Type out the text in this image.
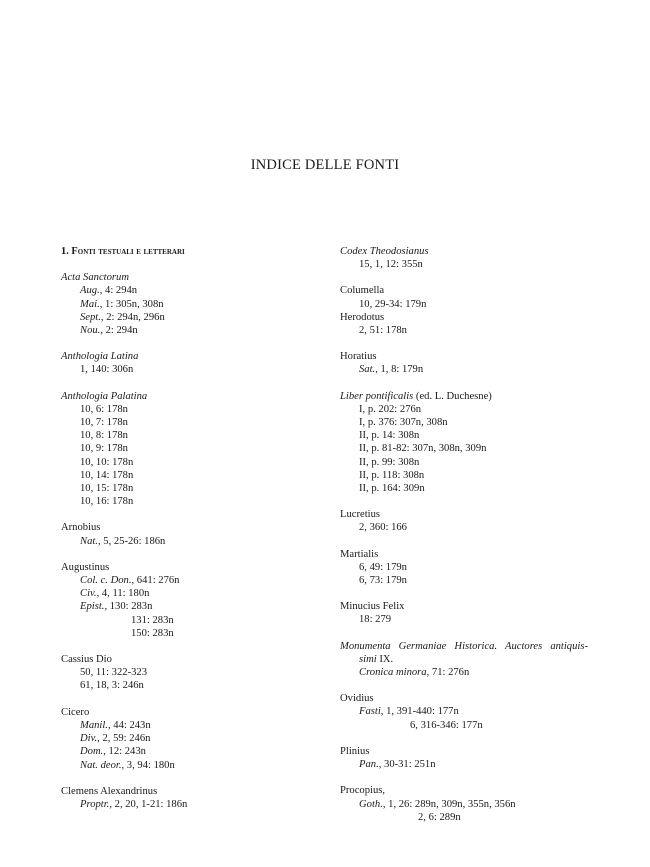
INDICE DELLE FONTI
1. Fonti testuali e letterari
Acta Sanctorum
Aug., 4: 294n
Mai., 1: 305n, 308n
Sept., 2: 294n, 296n
Nou., 2: 294n
Anthologia Latina
1, 140: 306n
Anthologia Palatina
10, 6: 178n
10, 7: 178n
10, 8: 178n
10, 9: 178n
10, 10: 178n
10, 14: 178n
10, 15: 178n
10, 16: 178n
Arnobius
Nat., 5, 25-26: 186n
Augustinus
Col. c. Don., 641: 276n
Civ., 4, 11: 180n
Epist., 130: 283n
131: 283n
150: 283n
Cassius Dio
50, 11: 322-323
61, 18, 3: 246n
Cicero
Manil., 44: 243n
Div., 2, 59: 246n
Dom., 12: 243n
Nat. deor., 3, 94: 180n
Clemens Alexandrinus
Proptr., 2, 20, 1-21: 186n
Codex Theodosianus
15, 1, 12: 355n
Columella
10, 29-34: 179n
Herodotus
2, 51: 178n
Horatius
Sat., 1, 8: 179n
Liber pontificalis (ed. L. Duchesne)
I, p. 202: 276n
I, p. 376: 307n, 308n
II, p. 14: 308n
II, p. 81-82: 307n, 308n, 309n
II, p. 99: 308n
II, p. 118: 308n
II, p. 164: 309n
Lucretius
2, 360: 166
Martialis
6, 49: 179n
6, 73: 179n
Minucius Felix
18: 279
Monumenta Germaniae Historica. Auctores antiquis-
simi IX.
Cronica minora, 71: 276n
Ovidius
Fasti, 1, 391-440: 177n
6, 316-346: 177n
Plinius
Pan., 30-31: 251n
Procopius,
Goth., 1, 26: 289n, 309n, 355n, 356n
2, 6: 289n
